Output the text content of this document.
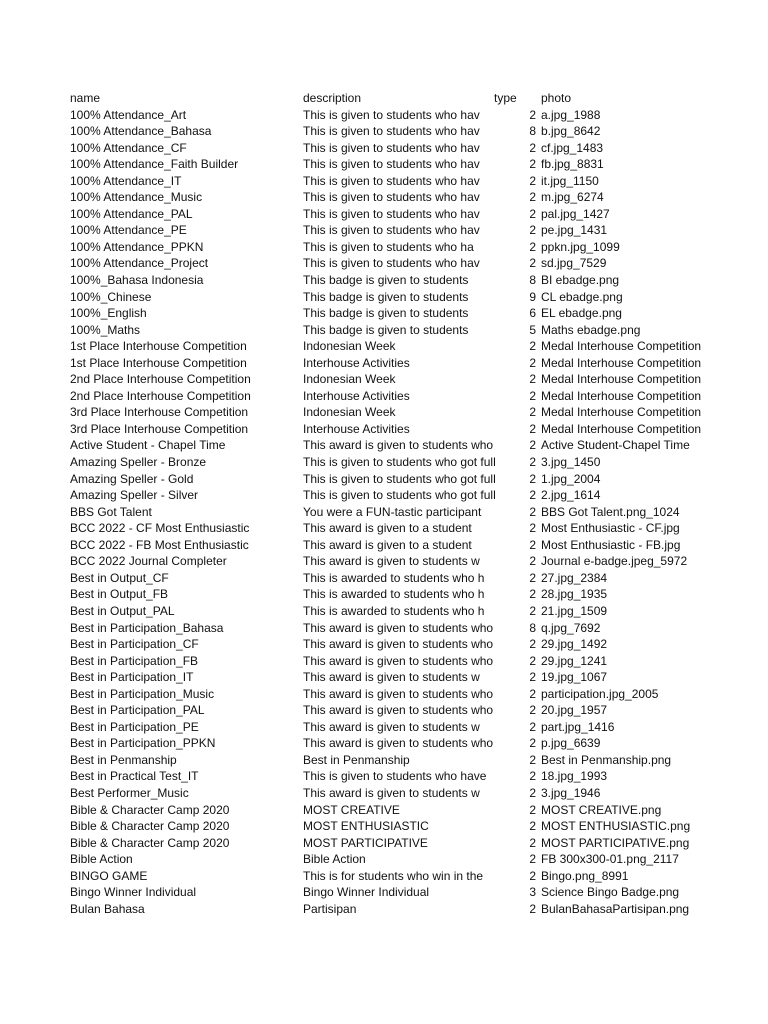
name	description	type	photo
100% Attendance_Art	This is given to students who hav	2 a.jpg_1988
100% Attendance_Bahasa	This is given to students who hav	8 b.jpg_8642
100% Attendance_CF	This is given to students who hav	2 cf.jpg_1483
100% Attendance_Faith Builder	This is given to students who hav	2 fb.jpg_8831
100% Attendance_IT	This is given to students who hav	2 it.jpg_1150
100% Attendance_Music	This is given to students who hav	2 m.jpg_6274
100% Attendance_PAL	This is given to students who hav	2 pal.jpg_1427
100% Attendance_PE	This is given to students who hav	2 pe.jpg_1431
100% Attendance_PPKN	This is given to students who ha	2 ppkn.jpg_1099
100% Attendance_Project	This is given to students who hav	2 sd.jpg_7529
100%_Bahasa Indonesia	This badge is given to students	8 BI ebadge.png
100%_Chinese	This badge is given to students	9 CL ebadge.png
100%_English	This badge is given to students	6 EL ebadge.png
100%_Maths	This badge is given to students	5 Maths ebadge.png
1st Place Interhouse Competition	Indonesian Week	2 Medal Interhouse Competition
1st Place Interhouse Competition	Interhouse Activities	2 Medal Interhouse Competition
2nd Place Interhouse Competition	Indonesian Week	2 Medal Interhouse Competition
2nd Place Interhouse Competition	Interhouse Activities	2 Medal Interhouse Competition
3rd Place Interhouse Competition	Indonesian Week	2 Medal Interhouse Competition
3rd Place Interhouse Competition	Interhouse Activities	2 Medal Interhouse Competition
Active Student - Chapel Time	This award is given to students who	2 Active Student-Chapel Time
Amazing Speller - Bronze	This is given to students who got full	2 3.jpg_1450
Amazing Speller - Gold	This is given to students who got full	2 1.jpg_2004
Amazing Speller - Silver	This is given to students who got full	2 2.jpg_1614
BBS Got Talent	You were a FUN-tastic participant	2 BBS Got Talent.png_1024
BCC 2022 - CF Most Enthusiastic	This award is given to a student	2 Most Enthusiastic - CF.jpg
BCC 2022 - FB Most Enthusiastic	This award is given to a student	2 Most Enthusiastic - FB.jpg
BCC 2022 Journal Completer	This award is given to students w	2 Journal e-badge.jpeg_5972
Best in Output_CF	This is awarded to students who h	2 27.jpg_2384
Best in Output_FB	This is awarded to students who h	2 28.jpg_1935
Best in Output_PAL	This is awarded to students who h	2 21.jpg_1509
Best in Participation_Bahasa	This award is given to students who	8 q.jpg_7692
Best in Participation_CF	This award is given to students who	2 29.jpg_1492
Best in Participation_FB	This award is given to students who	2 29.jpg_1241
Best in Participation_IT	This award is given to students w	2 19.jpg_1067
Best in Participation_Music	This award is given to students who	2 participation.jpg_2005
Best in Participation_PAL	This award is given to students who	2 20.jpg_1957
Best in Participation_PE	This award is given to students w	2 part.jpg_1416
Best in Participation_PPKN	This award is given to students who	2 p.jpg_6639
Best in Penmanship	Best in Penmanship	2 Best in Penmanship.png
Best in Practical Test_IT	This is given to students who have	2 18.jpg_1993
Best Performer_Music	This award is given to students w	2 3.jpg_1946
Bible & Character Camp 2020	MOST CREATIVE	2 MOST CREATIVE.png
Bible & Character Camp 2020	MOST ENTHUSIASTIC	2 MOST ENTHUSIASTIC.png
Bible & Character Camp 2020	MOST PARTICIPATIVE	2 MOST PARTICIPATIVE.png
Bible Action	Bible Action	2 FB 300x300-01.png_2117
BINGO GAME	This is for students who win in the	2 Bingo.png_8991
Bingo Winner Individual	Bingo Winner Individual	3 Science Bingo Badge.png
Bulan Bahasa	Partisipan	2 BulanBahasaPartisipan.png
